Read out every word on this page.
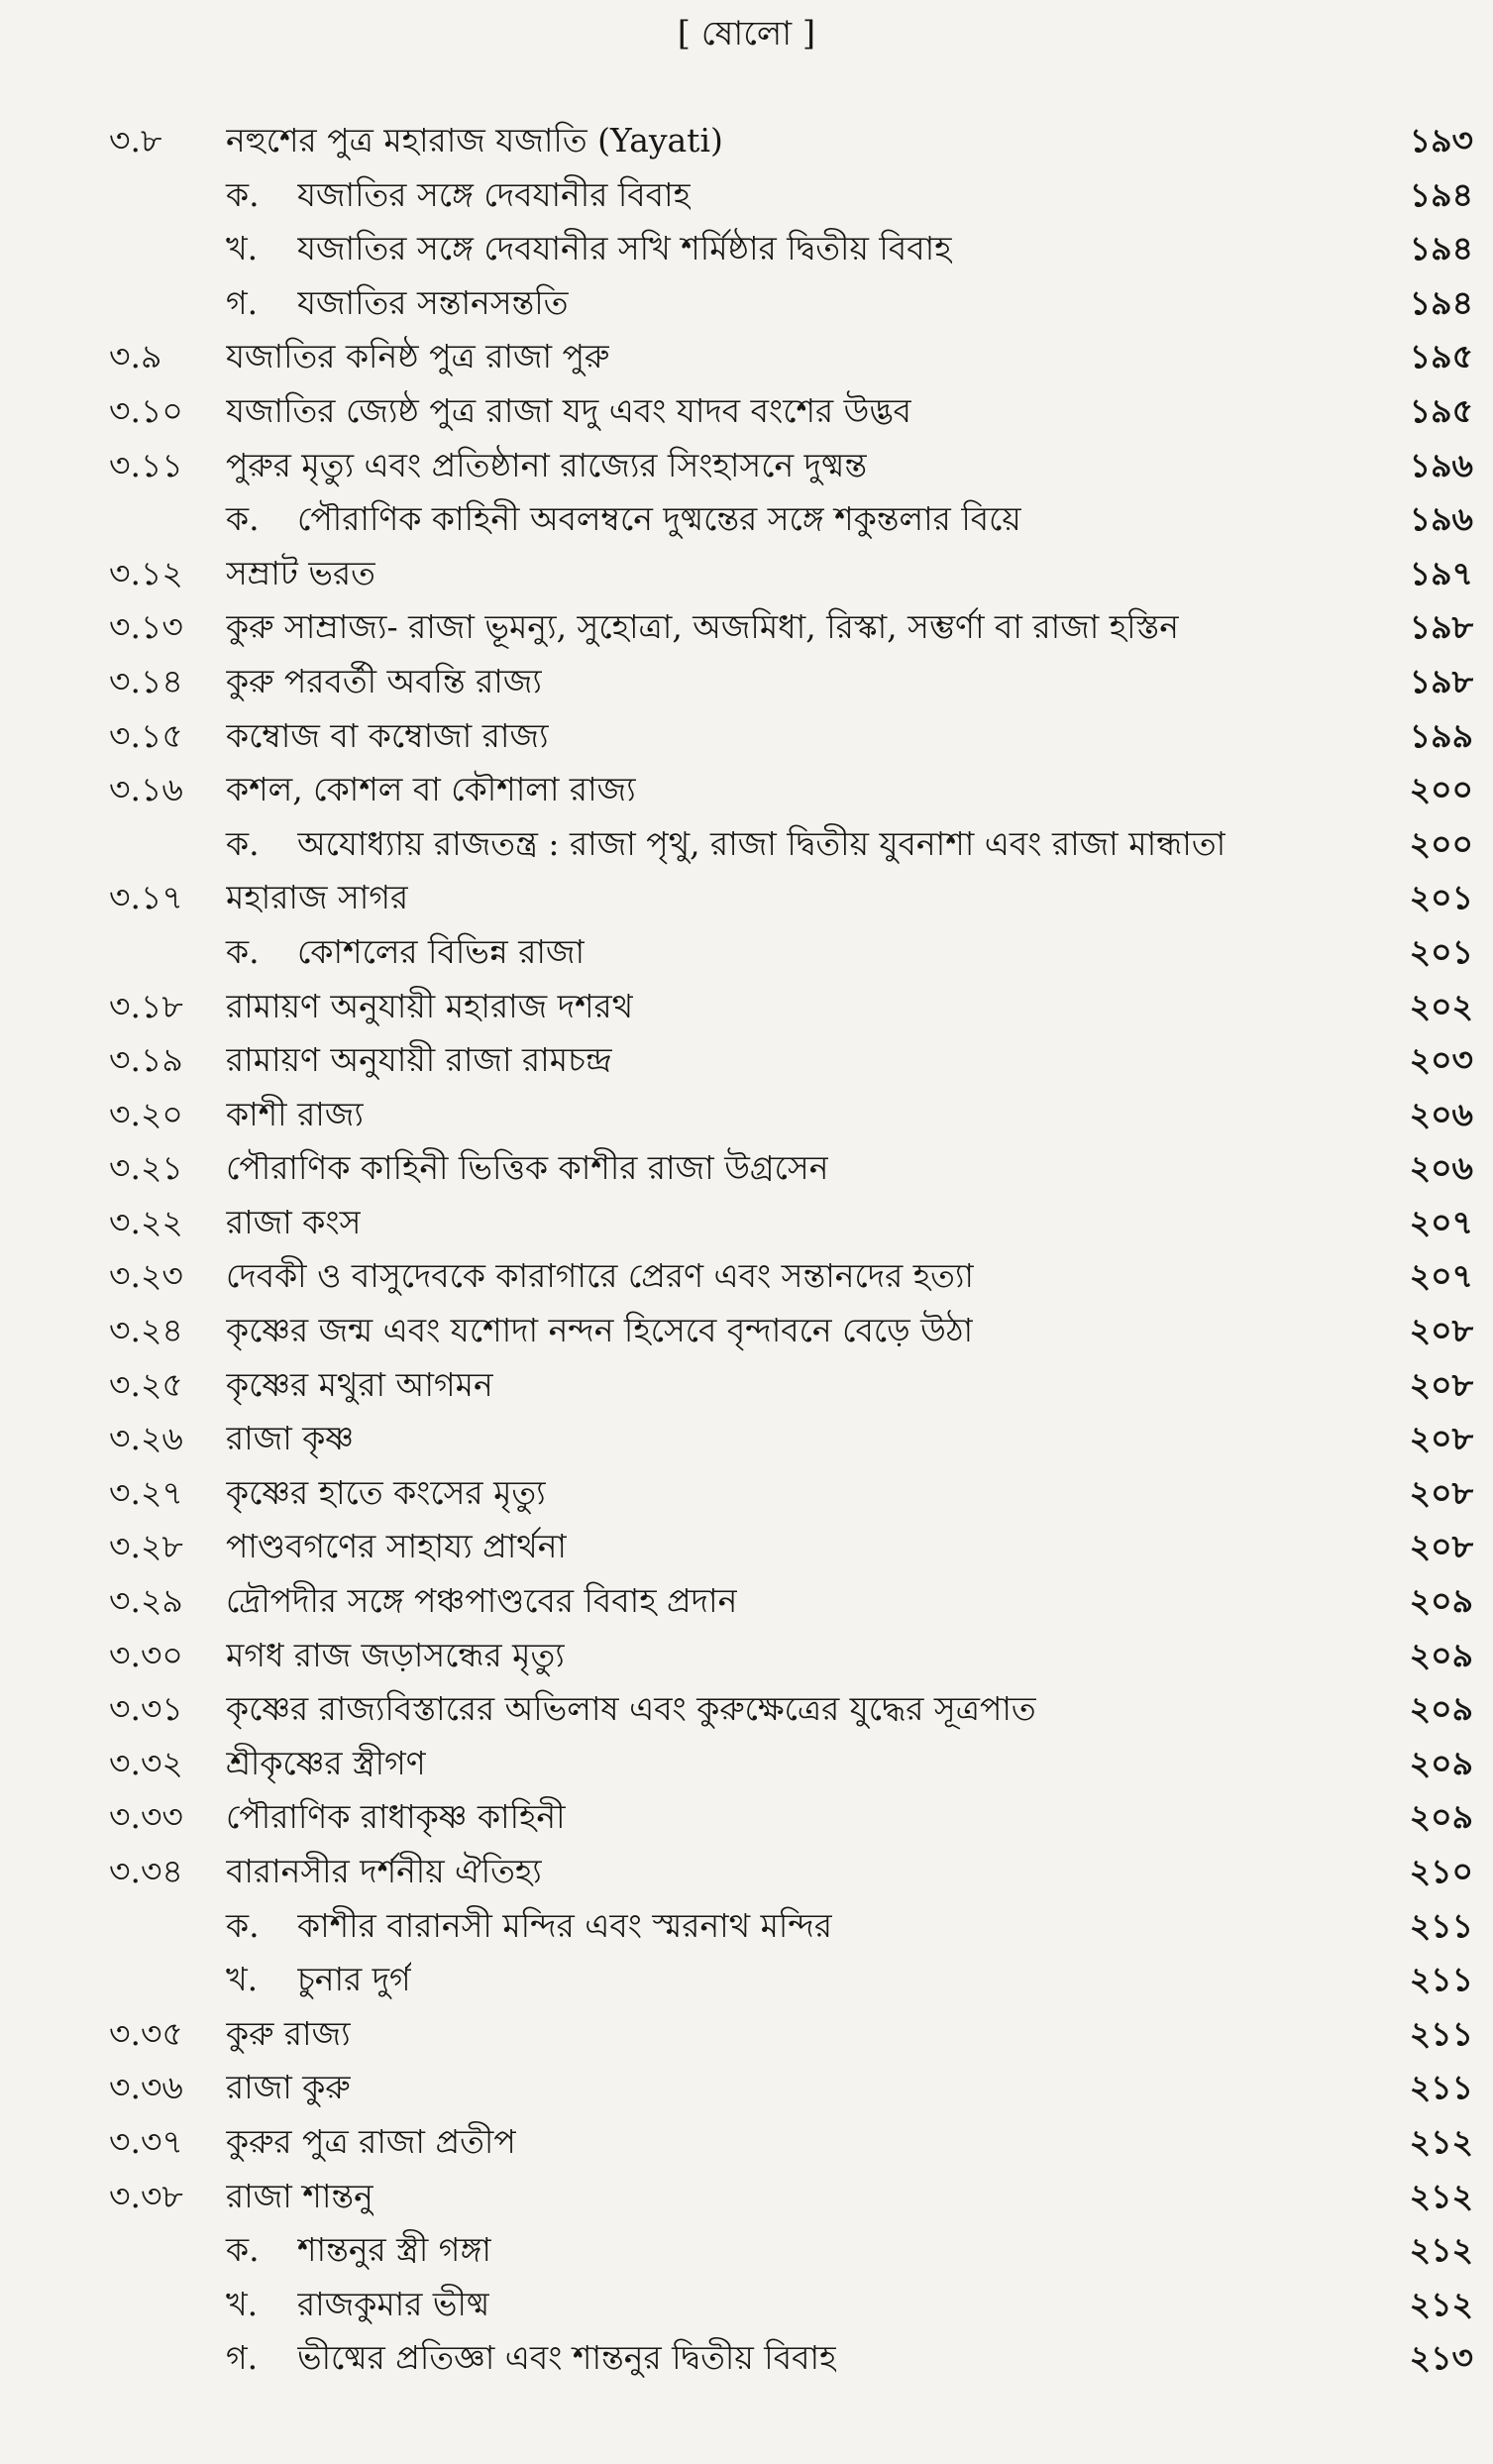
[ ষোলো ]
৩.৮ নহুশের পুত্র মহারাজ যজাতি (Yayati)	১৯৩
ক. যজাতির সঙ্গে দেবযানীর বিবাহ	১৯৪
খ. যজাতির সঙ্গে দেবযানীর সখি শর্মিষ্ঠার দ্বিতীয় বিবাহ	১৯৪
গ. যজাতির সন্তানসন্ততি	১৯৪
৩.৯ যজাতির কনিষ্ঠ পুত্র রাজা পুরু	১৯৫
৩.১০ যজাতির জ্যেষ্ঠ পুত্র রাজা যদু এবং যাদব বংশের উদ্ভব	১৯৫
৩.১১ পুরুর মৃত্যু এবং প্রতিষ্ঠানা রাজ্যের সিংহাসনে দুষ্মন্ত	১৯৬
ক. পৌরাণিক কাহিনী অবলম্বনে দুষ্মন্তের সঙ্গে শকুন্তলার বিয়ে	১৯৬
৩.১২ সম্রাট ভরত	১৯৭
৩.১৩ কুরু সাম্রাজ্য- রাজা ভূমন্যু, সুহোত্রা, অজমিধা, রিস্কা, সম্ভর্ণা বা রাজা হস্তিন	১৯৮
৩.১৪ কুরু পরবর্তী অবন্তি রাজ্য	১৯৮
৩.১৫ কম্বোজ বা কম্বোজা রাজ্য	১৯৯
৩.১৬ কশল, কোশল বা কৌশালা রাজ্য	২০০
ক. অযোধ্যায় রাজতন্ত্র : রাজা পৃথু, রাজা দ্বিতীয় যুবনাশা এবং রাজা মান্ধাতা	২০০
৩.১৭ মহারাজ সাগর	২০১
ক. কোশলের বিভিন্ন রাজা	২০১
৩.১৮ রামায়ণ অনুযায়ী মহারাজ দশরথ	২০২
৩.১৯ রামায়ণ অনুযায়ী রাজা রামচন্দ্র	২০৩
৩.২০ কাশী রাজ্য	২০৬
৩.২১ পৌরাণিক কাহিনী ভিত্তিক কাশীর রাজা উগ্রসেন	২০৬
৩.২২ রাজা কংস	২০৭
৩.২৩ দেবকী ও বাসুদেবকে কারাগারে প্রেরণ এবং সন্তানদের হত্যা	২০৭
৩.২৪ কৃষ্ণের জন্ম এবং যশোদা নন্দন হিসেবে বৃন্দাবনে বেড়ে উঠা	২০৮
৩.২৫ কৃষ্ণের মথুরা আগমন	২০৮
৩.২৬ রাজা কৃষ্ণ	২০৮
৩.২৭ কৃষ্ণের হাতে কংসের মৃত্যু	২০৮
৩.২৮ পাণ্ডবগণের সাহায্য প্রার্থনা	২০৮
৩.২৯ দ্রৌপদীর সঙ্গে পঞ্চপাণ্ডবের বিবাহ প্রদান	২০৯
৩.৩০ মগধ রাজ জড়াসন্ধের মৃত্যু	২০৯
৩.৩১ কৃষ্ণের রাজ্যবিস্তারের অভিলাষ এবং কুরুক্ষেত্রের যুদ্ধের সূত্রপাত	২০৯
৩.৩২ শ্রীকৃষ্ণের স্ত্রীগণ	২০৯
৩.৩৩ পৌরাণিক রাধাকৃষ্ণ কাহিনী	২০৯
৩.৩৪ বারানসীর দর্শনীয় ঐতিহ্য	২১০
ক. কাশীর বারানসী মন্দির এবং স্মরনাথ মন্দির	২১১
খ. চুনার দুর্গ	২১১
৩.৩৫ কুরু রাজ্য	২১১
৩.৩৬ রাজা কুরু	২১১
৩.৩৭ কুরুর পুত্র রাজা প্রতীপ	২১২
৩.৩৮ রাজা শান্তনু	২১২
ক. শান্তনুর স্ত্রী গঙ্গা	২১২
খ. রাজকুমার ভীষ্ম	২১২
গ. ভীষ্মের প্রতিজ্ঞা এবং শান্তনুর দ্বিতীয় বিবাহ	২১৩
